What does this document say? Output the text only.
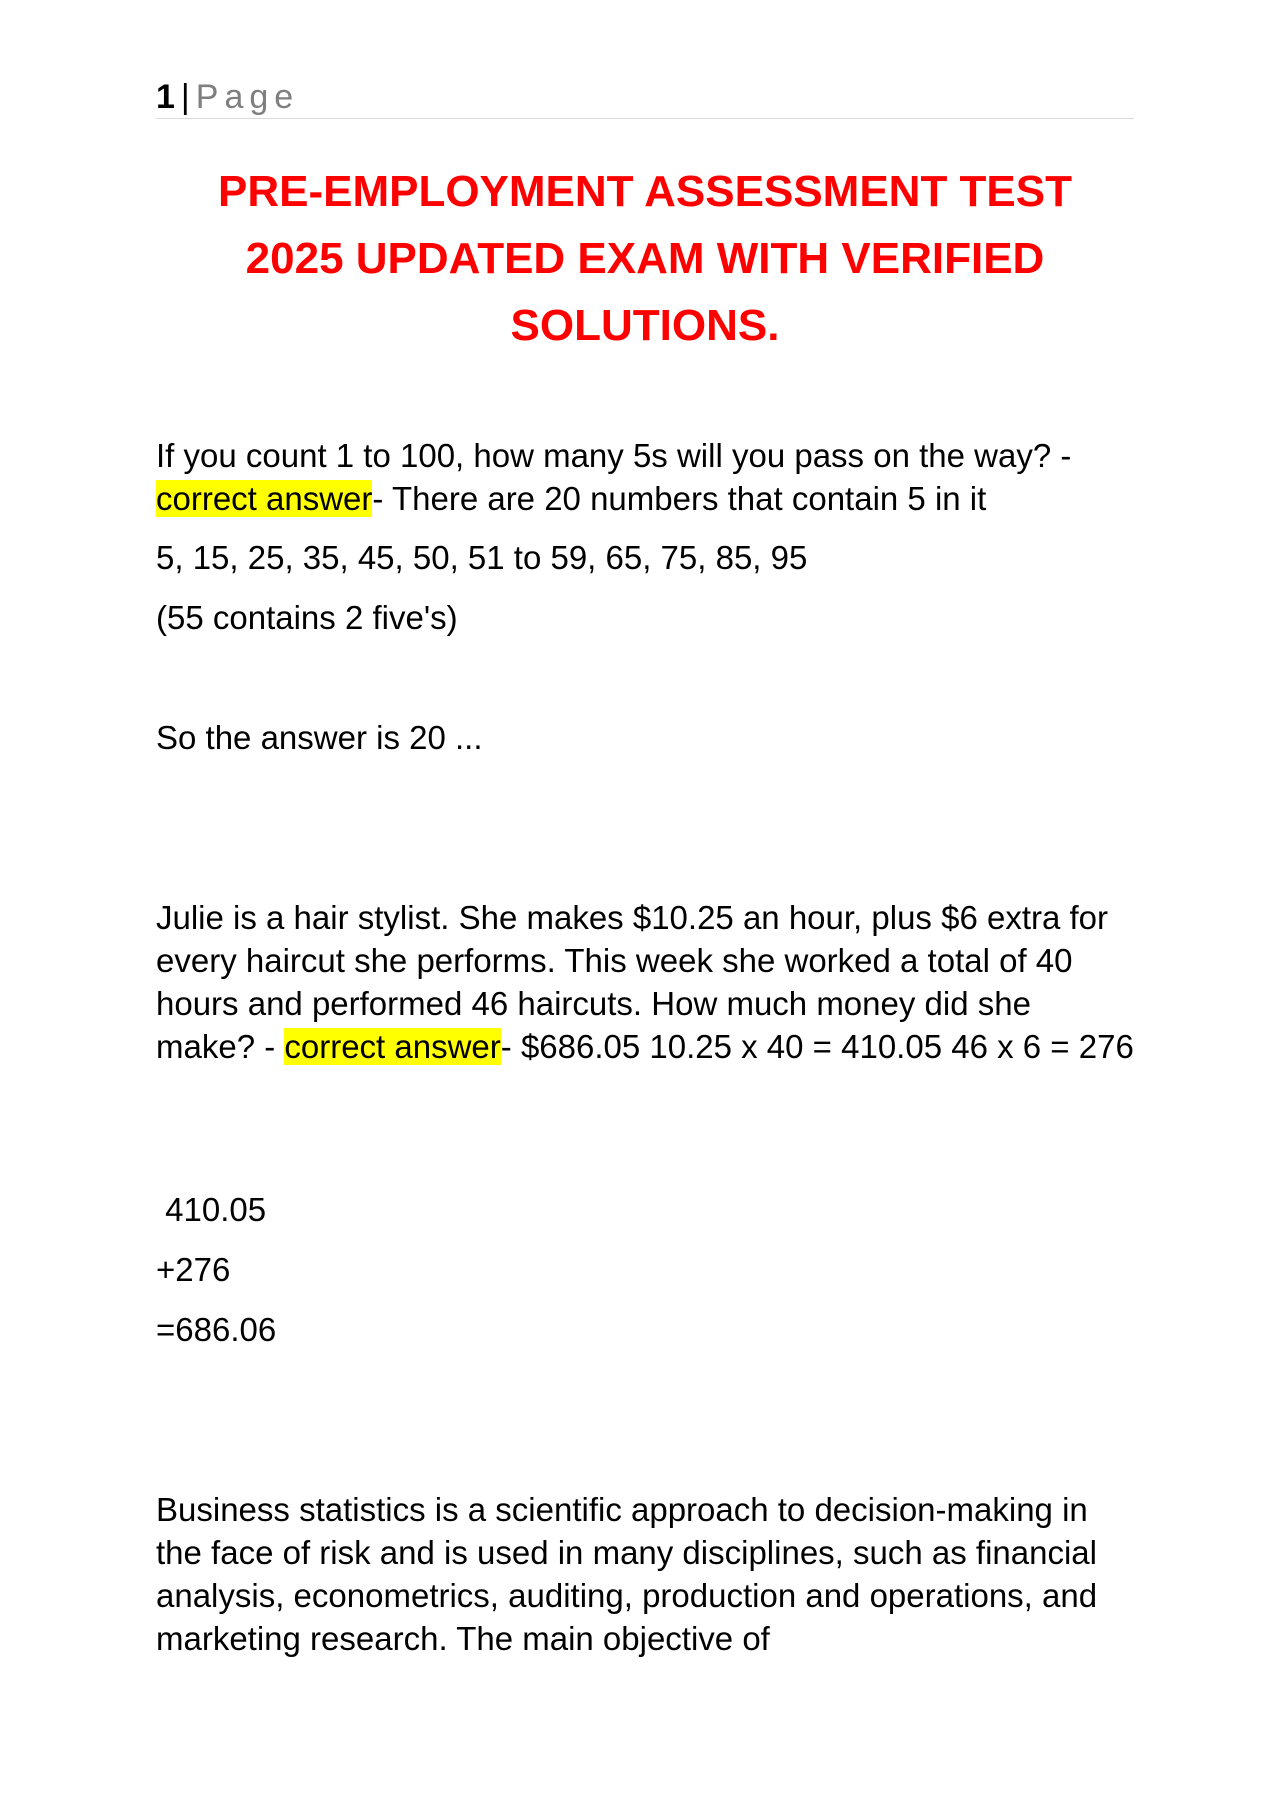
1 | Page
PRE-EMPLOYMENT ASSESSMENT TEST
2025 UPDATED EXAM WITH VERIFIED
SOLUTIONS.

If you count 1 to 100, how many 5s will you pass on the way? -
correct answer- There are 20 numbers that contain 5 in it

5, 15, 25, 35, 45, 50, 51 to 59, 65, 75, 85, 95

(55 contains 2 five's)

So the answer is 20 ...

Julie is a hair stylist. She makes $10.25 an hour, plus $6 extra for every haircut she performs. This week she worked a total of 40 hours and performed 46 haircuts. How much money did she make? - correct answer- $686.05 10.25 x 40 = 410.05 46 x 6 = 276

410.05

+276

=686.06

Business statistics is a scientific approach to decision-making in the face of risk and is used in many disciplines, such as financial analysis, econometrics, auditing, production and operations, and marketing research. The main objective of
